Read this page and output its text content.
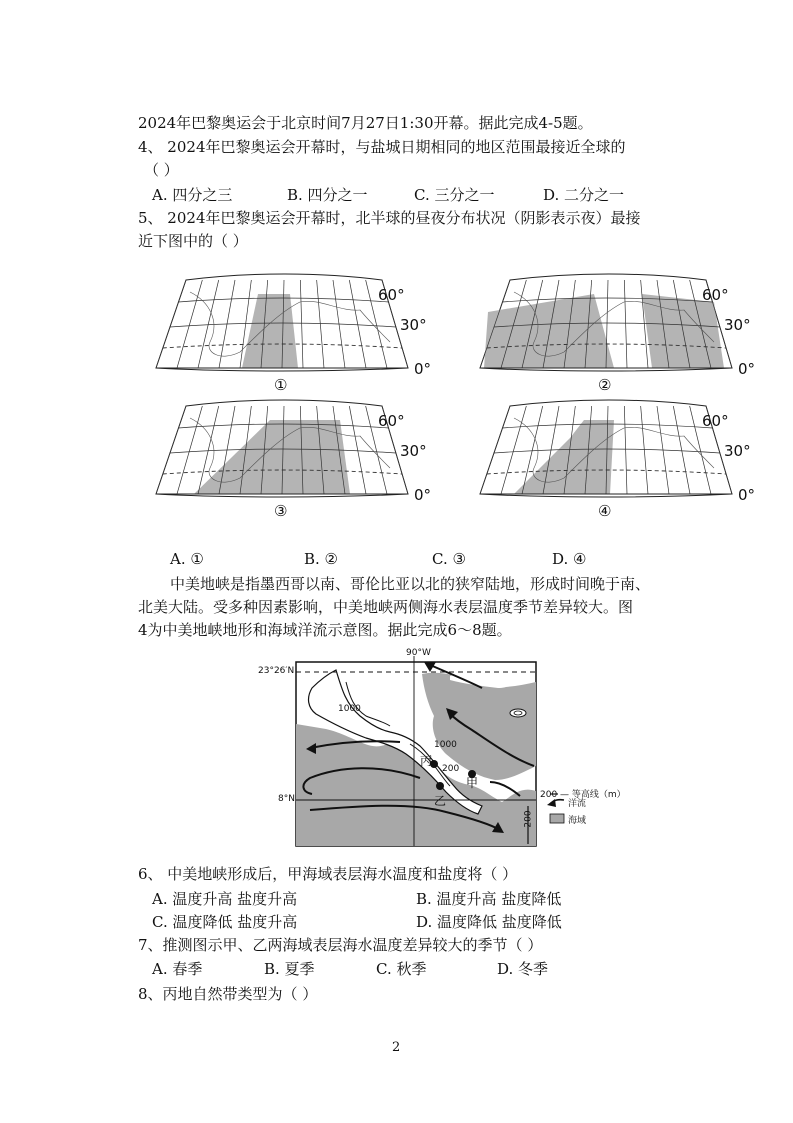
2024年巴黎奥运会于北京时间7月27日1:30开幕。据此完成4-5题。
4、 2024年巴黎奥运会开幕时，与盐城日期相同的地区范围最接近全球的
（ ）
A. 四分之三	B. 四分之一	C. 三分之一	D. 二分之一
5、 2024年巴黎奥运会开幕时，北半球的昼夜分布状况（阴影表示夜）最接
近下图中的（ ）
60°
30°
0°
①
60°
30°
0°
②
60°
30°
0°
③
60°
30°
0°
④
A. ①	B. ②	C. ③	D. ④
中美地峡是指墨西哥以南、哥伦比亚以北的狭窄陆地，形成时间晚于南、
北美大陆。受多种因素影响，中美地峡两侧海水表层温度季节差异较大。图
4为中美地峡地形和海域洋流示意图。据此完成6～8题。
90°W
23°26′N
8°N
1000
1000
200
200
丙
乙
甲
200 — 等高线（m）
洋流
海域
6、 中美地峡形成后，甲海域表层海水温度和盐度将（ ）
A. 温度升高 盐度升高	B. 温度升高 盐度降低
C. 温度降低 盐度升高	D. 温度降低 盐度降低
7、推测图示甲、乙两海域表层海水温度差异较大的季节（ ）
A. 春季	B. 夏季	C. 秋季	D. 冬季
8、丙地自然带类型为（ ）
2
